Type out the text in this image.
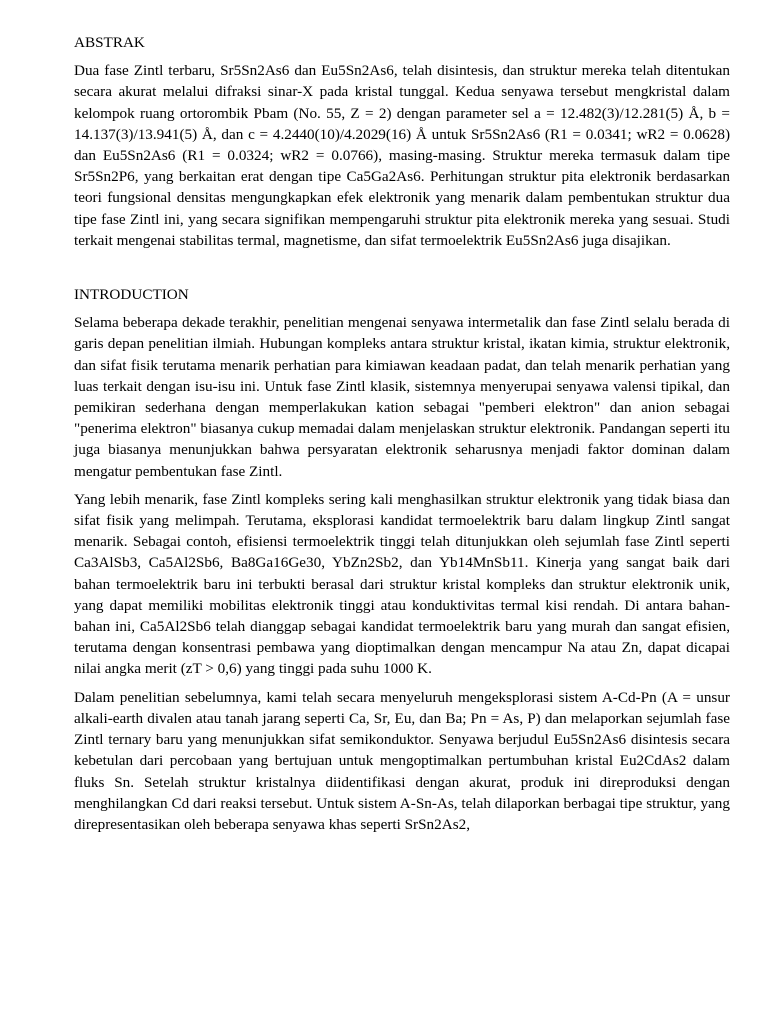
ABSTRAK

Dua fase Zintl terbaru, Sr5Sn2As6 dan Eu5Sn2As6, telah disintesis, dan struktur mereka telah ditentukan secara akurat melalui difraksi sinar-X pada kristal tunggal. Kedua senyawa tersebut mengkristal dalam kelompok ruang ortorombik Pbam (No. 55, Z = 2) dengan parameter sel a = 12.482(3)/12.281(5) Å, b = 14.137(3)/13.941(5) Å, dan c = 4.2440(10)/4.2029(16) Å untuk Sr5Sn2As6 (R1 = 0.0341; wR2 = 0.0628) dan Eu5Sn2As6 (R1 = 0.0324; wR2 = 0.0766), masing-masing. Struktur mereka termasuk dalam tipe Sr5Sn2P6, yang berkaitan erat dengan tipe Ca5Ga2As6. Perhitungan struktur pita elektronik berdasarkan teori fungsional densitas mengungkapkan efek elektronik yang menarik dalam pembentukan struktur dua tipe fase Zintl ini, yang secara signifikan mempengaruhi struktur pita elektronik mereka yang sesuai. Studi terkait mengenai stabilitas termal, magnetisme, dan sifat termoelektrik Eu5Sn2As6 juga disajikan.

INTRODUCTION

Selama beberapa dekade terakhir, penelitian mengenai senyawa intermetalik dan fase Zintl selalu berada di garis depan penelitian ilmiah. Hubungan kompleks antara struktur kristal, ikatan kimia, struktur elektronik, dan sifat fisik terutama menarik perhatian para kimiawan keadaan padat, dan telah menarik perhatian yang luas terkait dengan isu-isu ini. Untuk fase Zintl klasik, sistemnya menyerupai senyawa valensi tipikal, dan pemikiran sederhana dengan memperlakukan kation sebagai "pemberi elektron" dan anion sebagai "penerima elektron" biasanya cukup memadai dalam menjelaskan struktur elektronik. Pandangan seperti itu juga biasanya menunjukkan bahwa persyaratan elektronik seharusnya menjadi faktor dominan dalam mengatur pembentukan fase Zintl.

Yang lebih menarik, fase Zintl kompleks sering kali menghasilkan struktur elektronik yang tidak biasa dan sifat fisik yang melimpah. Terutama, eksplorasi kandidat termoelektrik baru dalam lingkup Zintl sangat menarik. Sebagai contoh, efisiensi termoelektrik tinggi telah ditunjukkan oleh sejumlah fase Zintl seperti Ca3AlSb3, Ca5Al2Sb6, Ba8Ga16Ge30, YbZn2Sb2, dan Yb14MnSb11. Kinerja yang sangat baik dari bahan termoelektrik baru ini terbukti berasal dari struktur kristal kompleks dan struktur elektronik unik, yang dapat memiliki mobilitas elektronik tinggi atau konduktivitas termal kisi rendah. Di antara bahan-bahan ini, Ca5Al2Sb6 telah dianggap sebagai kandidat termoelektrik baru yang murah dan sangat efisien, terutama dengan konsentrasi pembawa yang dioptimalkan dengan mencampur Na atau Zn, dapat dicapai nilai angka merit (zT > 0,6) yang tinggi pada suhu 1000 K.

Dalam penelitian sebelumnya, kami telah secara menyeluruh mengeksplorasi sistem A-Cd-Pn (A = unsur alkali-earth divalen atau tanah jarang seperti Ca, Sr, Eu, dan Ba; Pn = As, P) dan melaporkan sejumlah fase Zintl ternary baru yang menunjukkan sifat semikonduktor. Senyawa berjudul Eu5Sn2As6 disintesis secara kebetulan dari percobaan yang bertujuan untuk mengoptimalkan pertumbuhan kristal Eu2CdAs2 dalam fluks Sn. Setelah struktur kristalnya diidentifikasi dengan akurat, produk ini direproduksi dengan menghilangkan Cd dari reaksi tersebut. Untuk sistem A-Sn-As, telah dilaporkan berbagai tipe struktur, yang direpresentasikan oleh beberapa senyawa khas seperti SrSn2As2,
